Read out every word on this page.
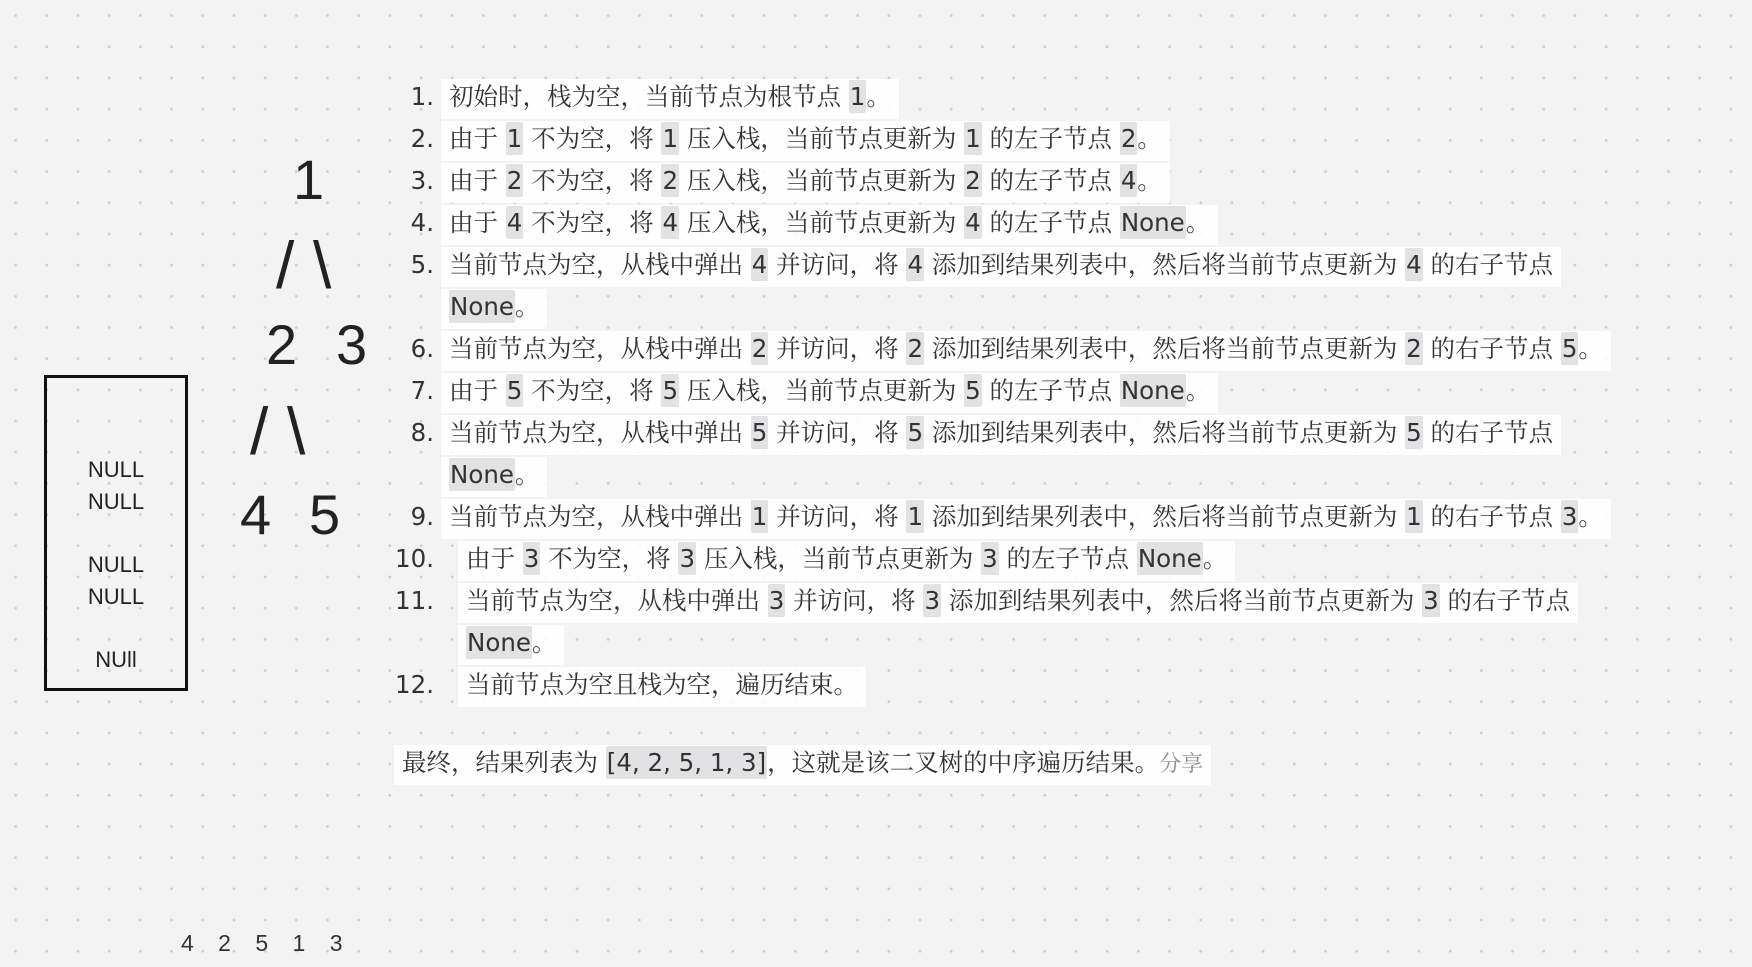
1
/ \
2 3
/ \
4 5
NULL
NULL
NULL
NULL
NUll
4 2 5 1 3
1. 初始时，栈为空，当前节点为根节点 1。
2. 由于 1 不为空，将 1 压入栈，当前节点更新为 1 的左子节点 2。
3. 由于 2 不为空，将 2 压入栈，当前节点更新为 2 的左子节点 4。
4. 由于 4 不为空，将 4 压入栈，当前节点更新为 4 的左子节点 None。
5. 当前节点为空，从栈中弹出 4 并访问，将 4 添加到结果列表中，然后将当前节点更新为 4 的右子节点
None。
6. 当前节点为空，从栈中弹出 2 并访问，将 2 添加到结果列表中，然后将当前节点更新为 2 的右子节点 5。
7. 由于 5 不为空，将 5 压入栈，当前节点更新为 5 的左子节点 None。
8. 当前节点为空，从栈中弹出 5 并访问，将 5 添加到结果列表中，然后将当前节点更新为 5 的右子节点
None。
9. 当前节点为空，从栈中弹出 1 并访问，将 1 添加到结果列表中，然后将当前节点更新为 1 的右子节点 3。
10.	由于 3 不为空，将 3 压入栈，当前节点更新为 3 的左子节点 None。
11.	当前节点为空，从栈中弹出 3 并访问，将 3 添加到结果列表中，然后将当前节点更新为 3 的右子节点
None。
12.	当前节点为空且栈为空，遍历结束。
最终，结果列表为 [4, 2, 5, 1, 3]，这就是该二叉树的中序遍历结果。分享
